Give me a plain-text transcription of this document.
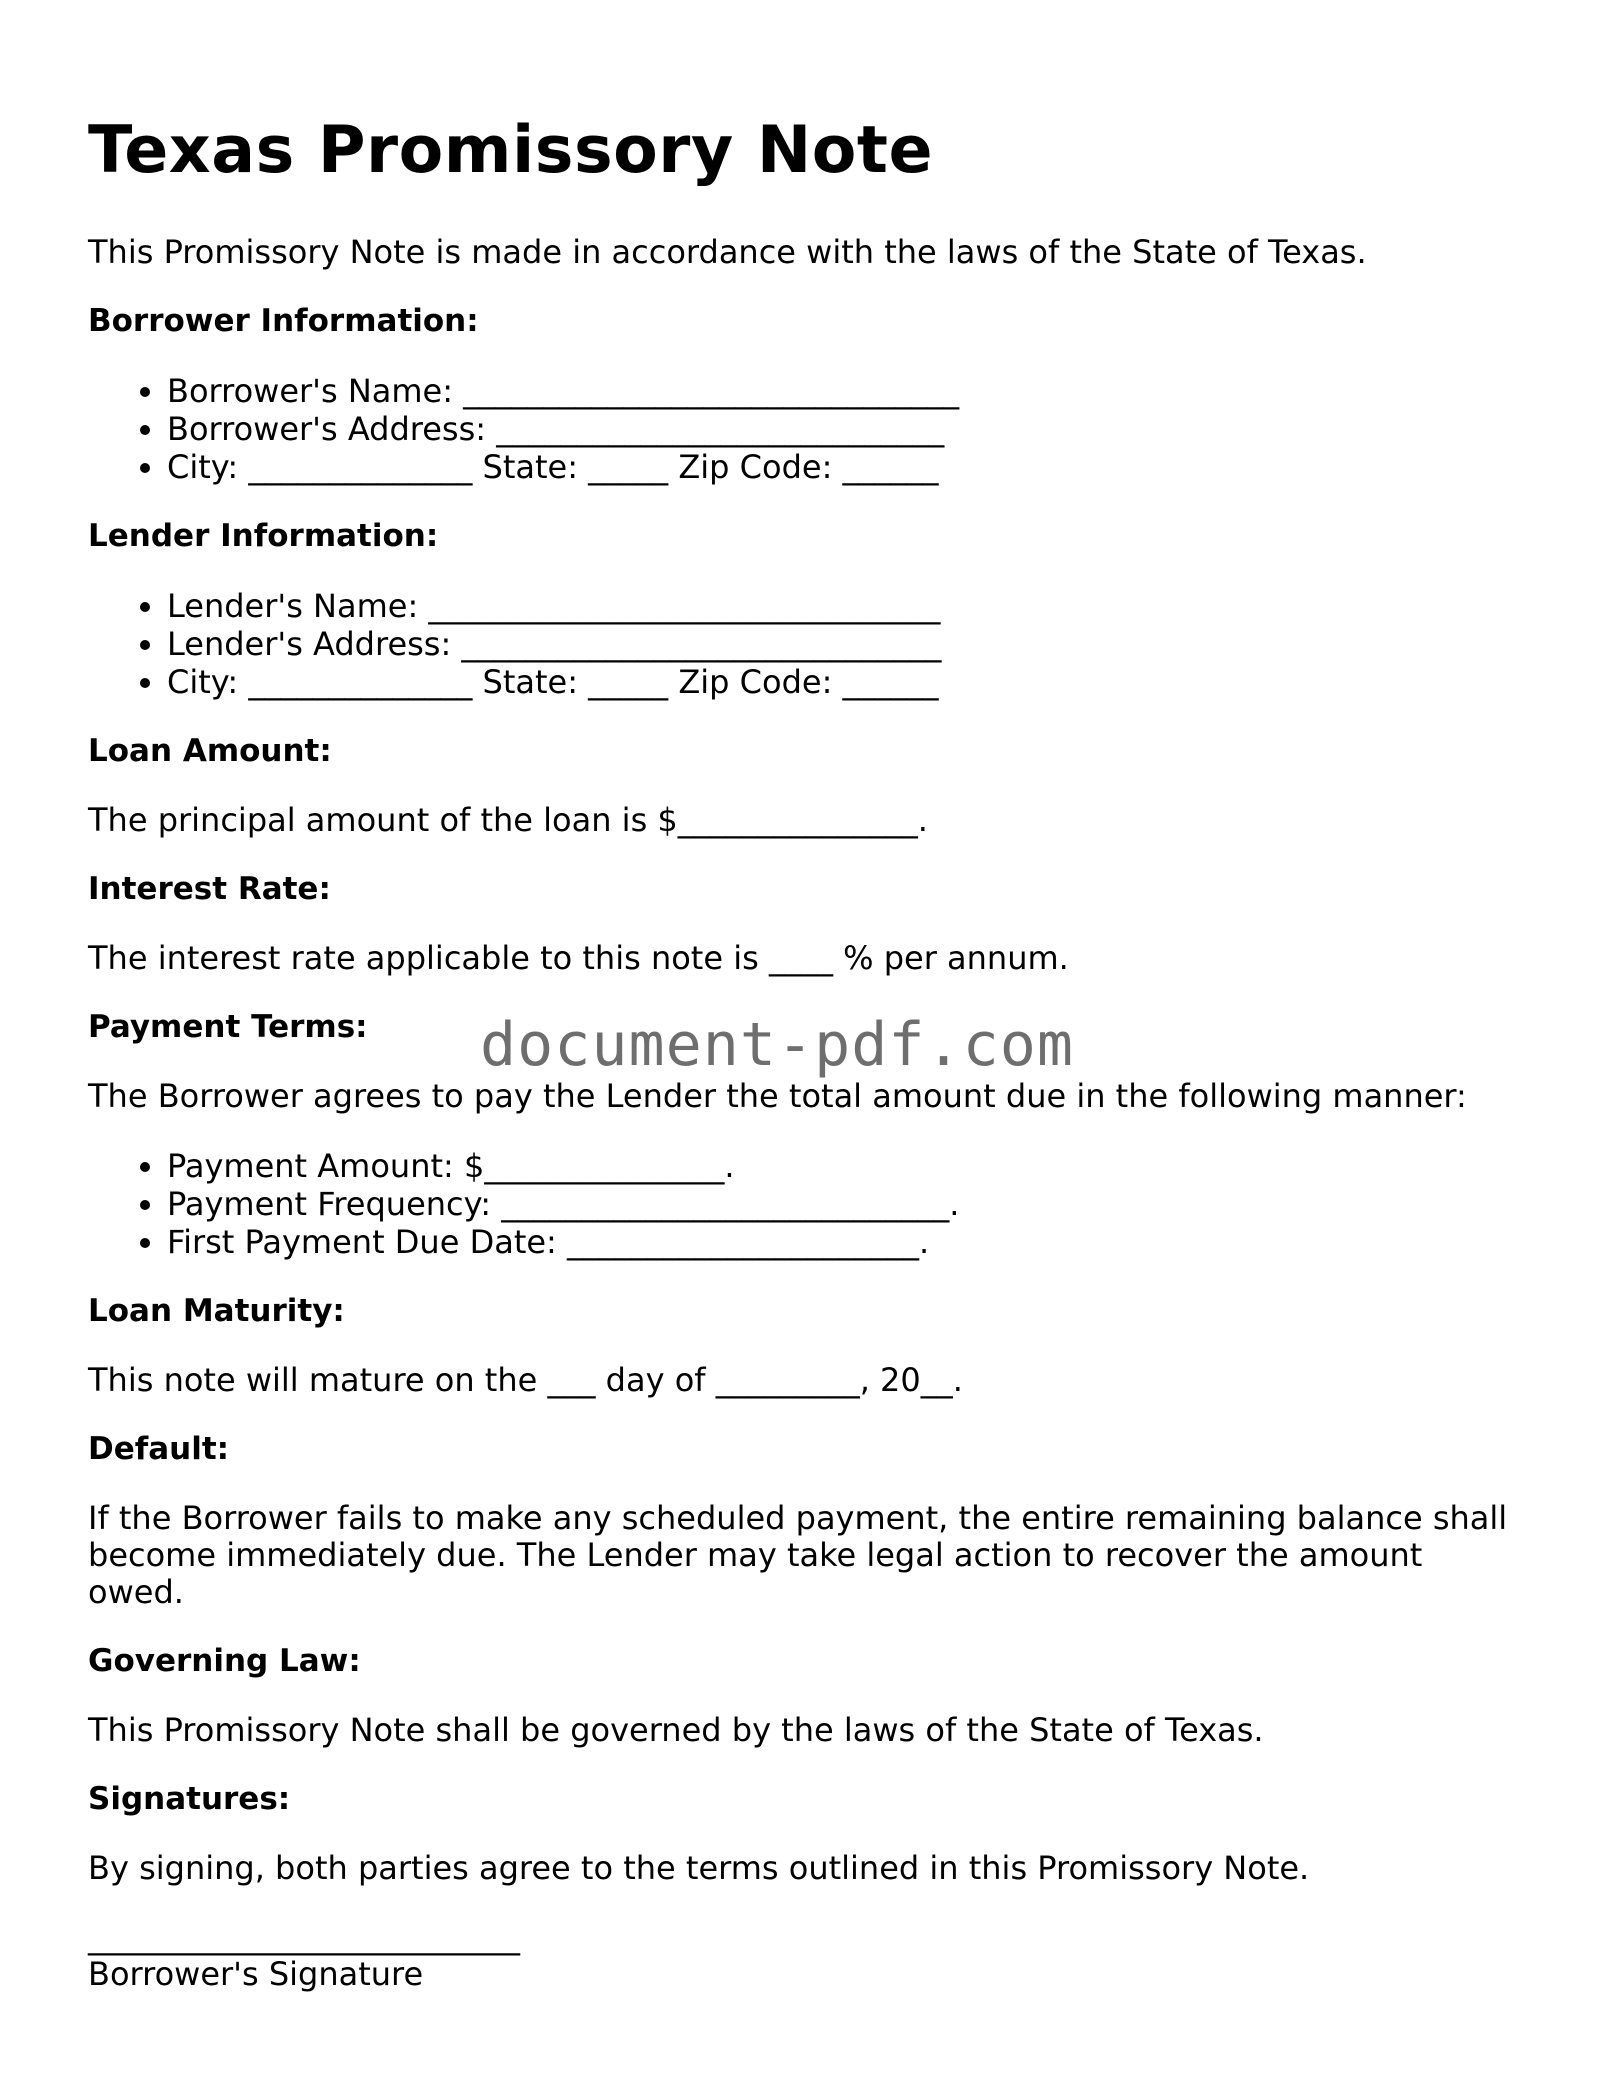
Texas Promissory Note

This Promissory Note is made in accordance with the laws of the State of Texas.

Borrower Information:
• Borrower's Name: _______________________________
• Borrower's Address: ____________________________
• City: ______________ State: _____ Zip Code: ______
Lender Information:
• Lender's Name: ________________________________
• Lender's Address: ______________________________
• City: ______________ State: _____ Zip Code: ______
Loan Amount:

The principal amount of the loan is $_______________.

Interest Rate:

The interest rate applicable to this note is ____ % per annum.

Payment Terms:

The Borrower agrees to pay the Lender the total amount due in the following manner:

• Payment Amount: $_______________.
• Payment Frequency: ____________________________.
• First Payment Due Date: ______________________.
Loan Maturity:

This note will mature on the ___ day of _________, 20__.

Default:

If the Borrower fails to make any scheduled payment, the entire remaining balance shall become immediately due. The Lender may take legal action to recover the amount owed.

Governing Law:

This Promissory Note shall be governed by the laws of the State of Texas.

Signatures:

By signing, both parties agree to the terms outlined in this Promissory Note.

___________________________

Borrower's Signature

document-pdf.com
